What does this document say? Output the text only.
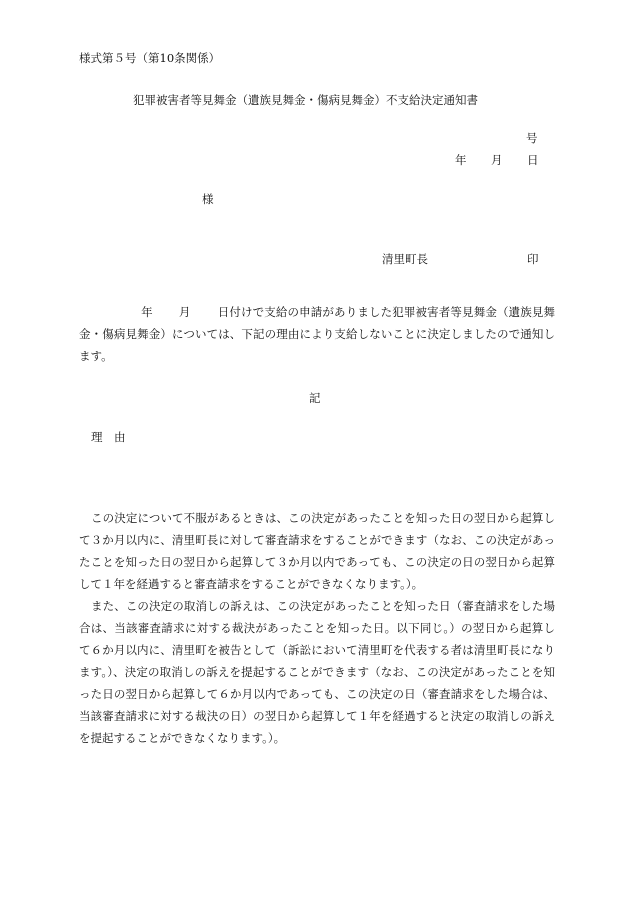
様式第５号（第10条関係）
犯罪被害者等見舞金（遺族見舞金・傷病見舞金）不支給決定通知書
号
年 月 日
様
清里町長	印
年 月 日付けで支給の申請がありました犯罪被害者等見舞金（遺族見舞金・傷病見舞金）については、下記の理由により支給しないことに決定しましたので通知します。
記
理　由
この決定について不服があるときは、この決定があったことを知った日の翌日から起算して３か月以内に、清里町長に対して審査請求をすることができます（なお、この決定があったことを知った日の翌日から起算して３か月以内であっても、この決定の日の翌日から起算して１年を経過すると審査請求をすることができなくなります。）。
また、この決定の取消しの訴えは、この決定があったことを知った日（審査請求をした場合は、当該審査請求に対する裁決があったことを知った日。以下同じ。）の翌日から起算して６か月以内に、清里町を被告として（訴訟において清里町を代表する者は清里町長になります。）、決定の取消しの訴えを提起することができます（なお、この決定があったことを知った日の翌日から起算して６か月以内であっても、この決定の日（審査請求をした場合は、当該審査請求に対する裁決の日）の翌日から起算して１年を経過すると決定の取消しの訴えを提起することができなくなります。）。
